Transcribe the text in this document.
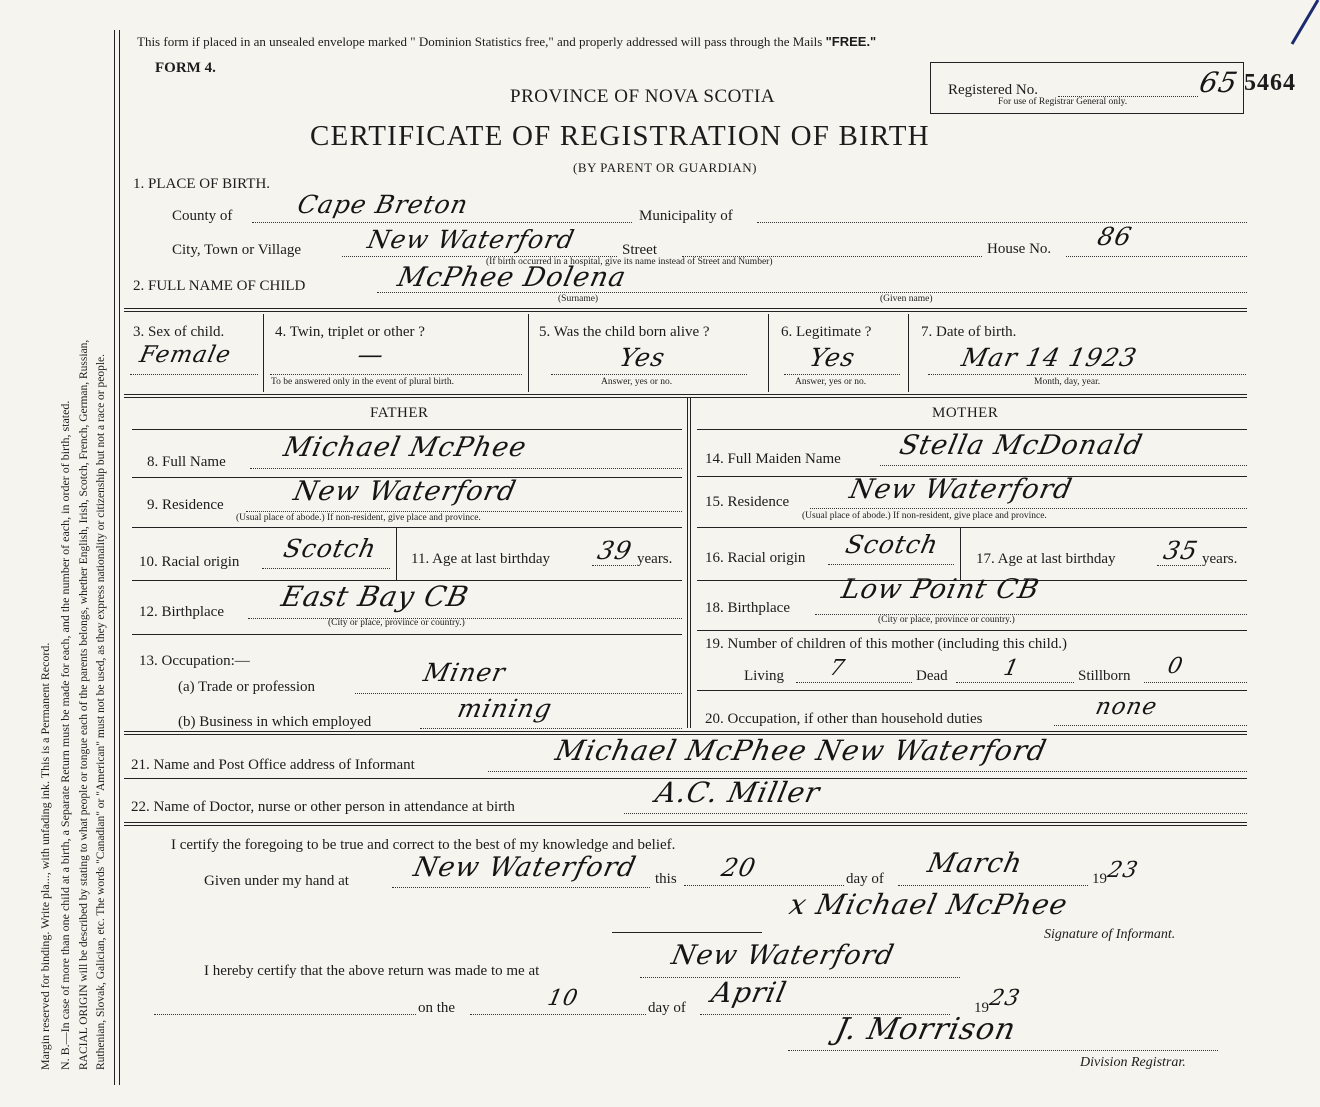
Margin reserved for binding. Write pla..., with unfading ink. This is a Permanent Record. N. B.—In case of more than one child at a birth, a Separate Return must be made for each, and the number of each, in order of birth, stated. RACIAL ORIGIN will be described by stating to what people or tongue each of the parents belongs, whether English, Irish, Scotch, French, German, Russian, Ruthenian, Slovak, Galician, etc. The words "Canadian" or "American" must not be used, as they express nationality or citizenship but not a race or people.
This form if placed in an unsealed envelope marked " Dominion Statistics free," and properly addressed will pass through the Mails "FREE."
FORM 4.
PROVINCE OF NOVA SCOTIA
CERTIFICATE OF REGISTRATION OF BIRTH
(BY PARENT OR GUARDIAN)
Registered No.
For use of Registrar General only.
65 5464
1. PLACE OF BIRTH.
County of Cape Breton	Municipality of
City, Town or Village	New Waterford	Street
(If birth occurred in a hospital, give its name instead of Street and Number)
House No. 86
2. FULL NAME OF CHILD	McPhee Dolena
(Surname)	(Given name)
3. Sex of child.
Female
4. Twin, triplet or other ?
—
To be answered only in the event of plural birth.
5. Was the child born alive ?
Yes
Answer, yes or no.
6. Legitimate ?
Yes
Answer, yes or no.
7. Date of birth.
Mar 14 1923
Month, day, year.
FATHER
8. Full Name Michael McPhee
9. Residence New Waterford
(Usual place of abode.) If non-resident, give place and province.
10. Racial origin Scotch 11. Age at last birthday 39 years.
12. Birthplace East Bay CB
(City or place, province or country.)
13. Occupation:—
(a) Trade or profession	Miner
(b) Business in which employed	mining
MOTHER
14. Full Maiden Name Stella McDonald
15. Residence New Waterford
(Usual place of abode.) If non-resident, give place and province.
16. Racial origin Scotch 17. Age at last birthday 35 years.
18. Birthplace
Low Point CB
(City or place, province or country.)
19. Number of children of this mother (including this child.)
Living 7	Dead 1	Stillborn 0
20. Occupation, if other than household duties	none
21. Name and Post Office address of Informant	Michael McPhee New Waterford
22. Name of Doctor, nurse or other person in attendance at birth	A.C. Miller
I certify the foregoing to be true and correct to the best of my knowledge and belief.
Given under my hand at New Waterford this 20	day of March	19
23
x Michael McPhee
Signature of Informant.
I hereby certify that the above return was made to me at	New Waterford
on the	10	day of April	19
23
J. Morrison
Division Registrar.
